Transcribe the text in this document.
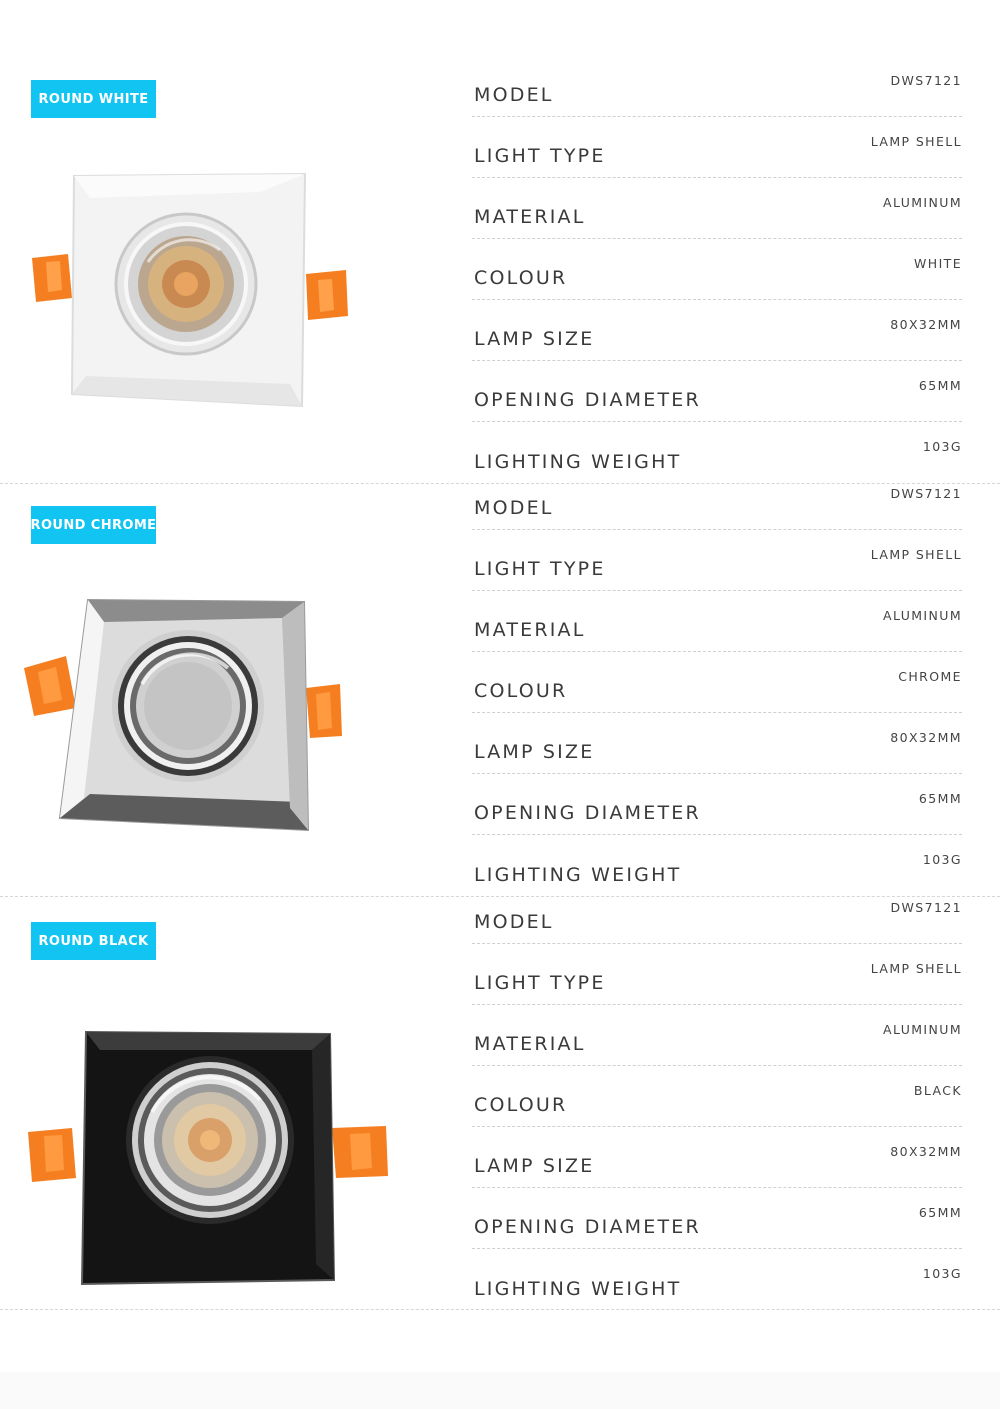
ROUND WHITE	MODEL
DWS7121
LIGHT TYPE
LAMP SHELL
MATERIAL
ALUMINUM
COLOUR
WHITE
LAMP SIZE
80X32MM
OPENING DIAMETER
65MM
LIGHTING WEIGHT
103G
ROUND CHROME
MODEL
DWS7121
LIGHT TYPE
LAMP SHELL
MATERIAL
ALUMINUM
COLOUR
CHROME
LAMP SIZE
80X32MM
OPENING DIAMETER
65MM
LIGHTING WEIGHT
103G
ROUND BLACK
MODEL
DWS7121
LIGHT TYPE
LAMP SHELL
MATERIAL
ALUMINUM
COLOUR
BLACK
LAMP SIZE
80X32MM
OPENING DIAMETER
65MM
LIGHTING WEIGHT
103G
